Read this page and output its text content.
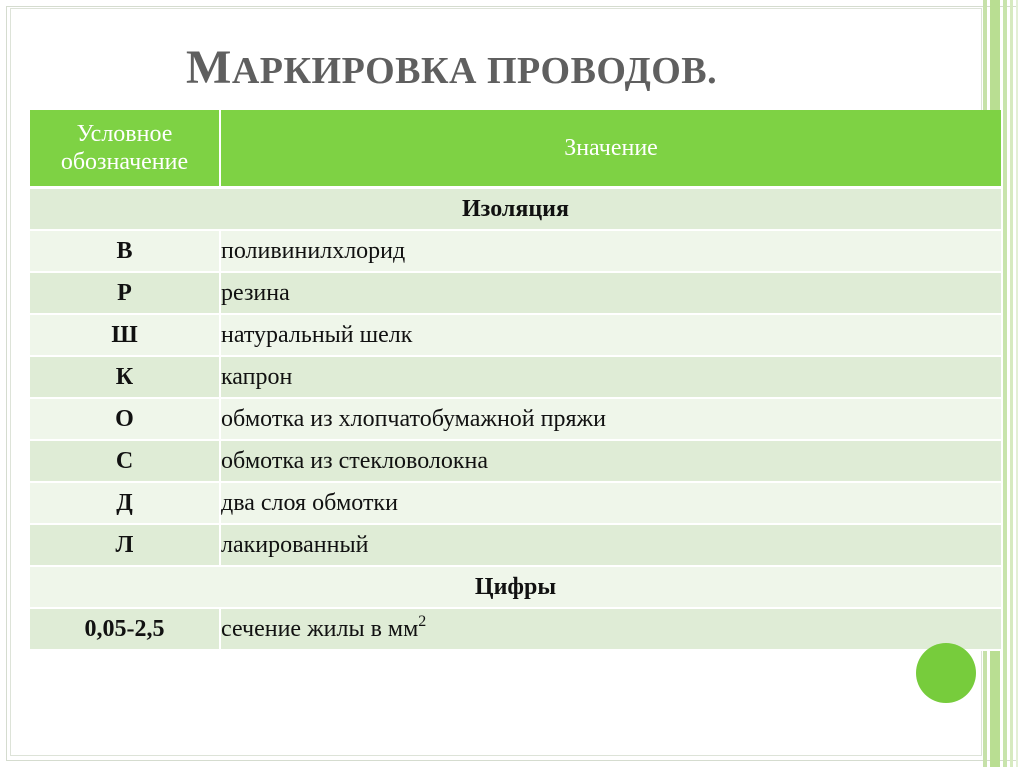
МАРКИРОВКА ПРОВОДОВ.
Условное обозначение	Значение
Изоляция	
В	поливинилхлорид
Р	резина
Ш	натуральный шелк
К	капрон
О	обмотка из хлопчатобумажной пряжи
С	обмотка из стекловолокна
Д	два слоя обмотки
Л	лакированный
Цифры	
0,05-2,5	сечение жилы в $мм^2$
